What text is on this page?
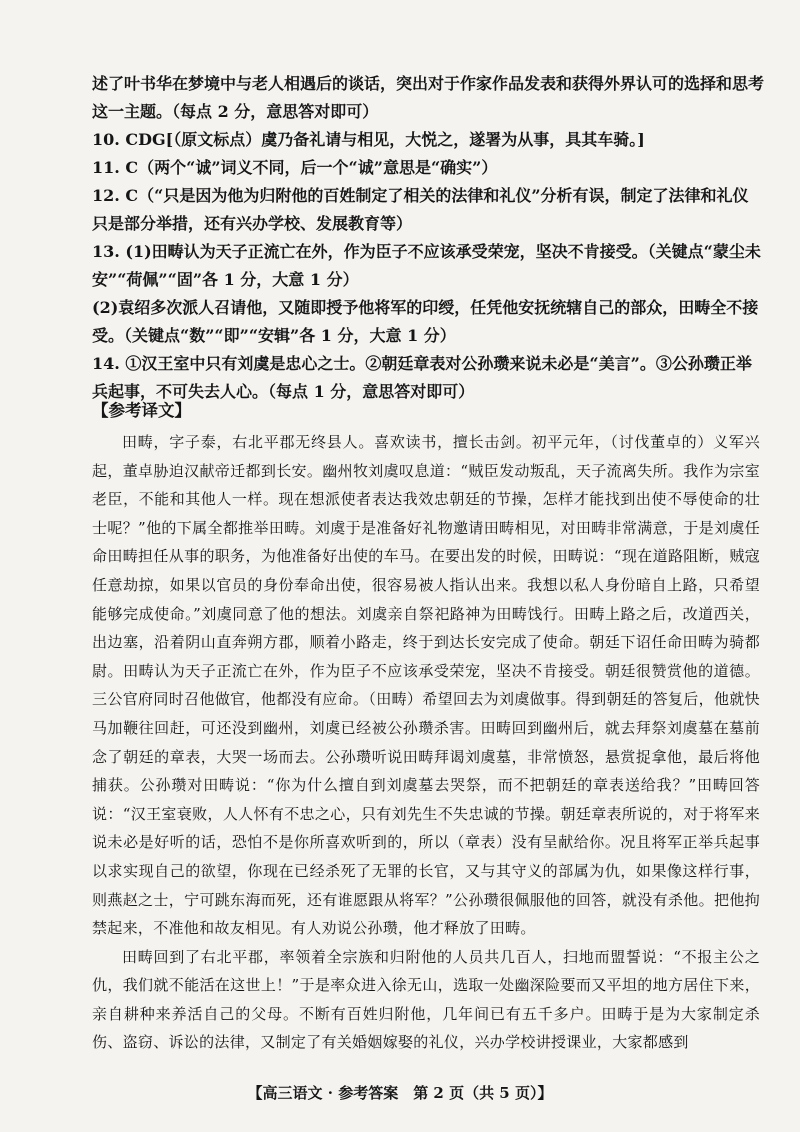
述了叶书华在梦境中与老人相遇后的谈话，突出对于作家作品发表和获得外界认可的选择和思考这一主题。（每点 2 分，意思答对即可）

10. CDG[（原文标点）虞乃备礼请与相见，大悦之，遂署为从事，具其车骑。]

11. C（两个“诚”词义不同，后一个“诚”意思是“确实”）

12. C（“只是因为他为归附他的百姓制定了相关的法律和礼仪”分析有误，制定了法律和礼仪只是部分举措，还有兴办学校、发展教育等）

13. (1)田畴认为天子正流亡在外，作为臣子不应该承受荣宠，坚决不肯接受。（关键点“蒙尘未安”“荷佩”“固”各 1 分，大意 1 分）

(2)袁绍多次派人召请他，又随即授予他将军的印绶，任凭他安抚统辖自己的部众，田畴全不接受。（关键点“数”“即”“安辑”各 1 分，大意 1 分）

14. ①汉王室中只有刘虞是忠心之士。②朝廷章表对公孙瓒来说未必是“美言”。③公孙瓒正举兵起事，不可失去人心。（每点 1 分，意思答对即可）

【参考译文】

田畴，字子泰，右北平郡无终县人。喜欢读书，擅长击剑。初平元年，（讨伐董卓的）义军兴起，董卓胁迫汉献帝迁都到长安。幽州牧刘虞叹息道：“贼臣发动叛乱，天子流离失所。我作为宗室老臣，不能和其他人一样。现在想派使者表达我效忠朝廷的节操，怎样才能找到出使不辱使命的壮士呢？”他的下属全都推举田畴。刘虞于是准备好礼物邀请田畴相见，对田畴非常满意，于是刘虞任命田畴担任从事的职务，为他准备好出使的车马。在要出发的时候，田畴说：“现在道路阻断，贼寇任意劫掠，如果以官员的身份奉命出使，很容易被人指认出来。我想以私人身份暗自上路，只希望能够完成使命。”刘虞同意了他的想法。刘虞亲自祭祀路神为田畴饯行。田畴上路之后，改道西关，出边塞，沿着阴山直奔朔方郡，顺着小路走，终于到达长安完成了使命。朝廷下诏任命田畴为骑都尉。田畴认为天子正流亡在外，作为臣子不应该承受荣宠，坚决不肯接受。朝廷很赞赏他的道德。三公官府同时召他做官，他都没有应命。（田畴）希望回去为刘虞做事。得到朝廷的答复后，他就快马加鞭往回赶，可还没到幽州，刘虞已经被公孙瓒杀害。田畴回到幽州后，就去拜祭刘虞墓在墓前念了朝廷的章表，大哭一场而去。公孙瓒听说田畴拜谒刘虞墓，非常愤怒，悬赏捉拿他，最后将他捕获。公孙瓒对田畴说：“你为什么擅自到刘虞墓去哭祭，而不把朝廷的章表送给我？”田畴回答说：“汉王室衰败，人人怀有不忠之心，只有刘先生不失忠诚的节操。朝廷章表所说的，对于将军来说未必是好听的话，恐怕不是你所喜欢听到的，所以（章表）没有呈献给你。况且将军正举兵起事以求实现自己的欲望，你现在已经杀死了无罪的长官，又与其守义的部属为仇，如果像这样行事，则燕赵之士，宁可跳东海而死，还有谁愿跟从将军？”公孙瓒很佩服他的回答，就没有杀他。把他拘禁起来，不准他和故友相见。有人劝说公孙瓒，他才释放了田畴。

田畴回到了右北平郡，率领着全宗族和归附他的人员共几百人，扫地而盟誓说：“不报主公之仇，我们就不能活在这世上！”于是率众进入徐无山，选取一处幽深险要而又平坦的地方居住下来，亲自耕种来养活自己的父母。不断有百姓归附他，几年间已有五千多户。田畴于是为大家制定杀伤、盗窃、诉讼的法律，又制定了有关婚姻嫁娶的礼仪，兴办学校讲授课业，大家都感到

【高三语文 · 参考答案　第 2 页（共 5 页）】
